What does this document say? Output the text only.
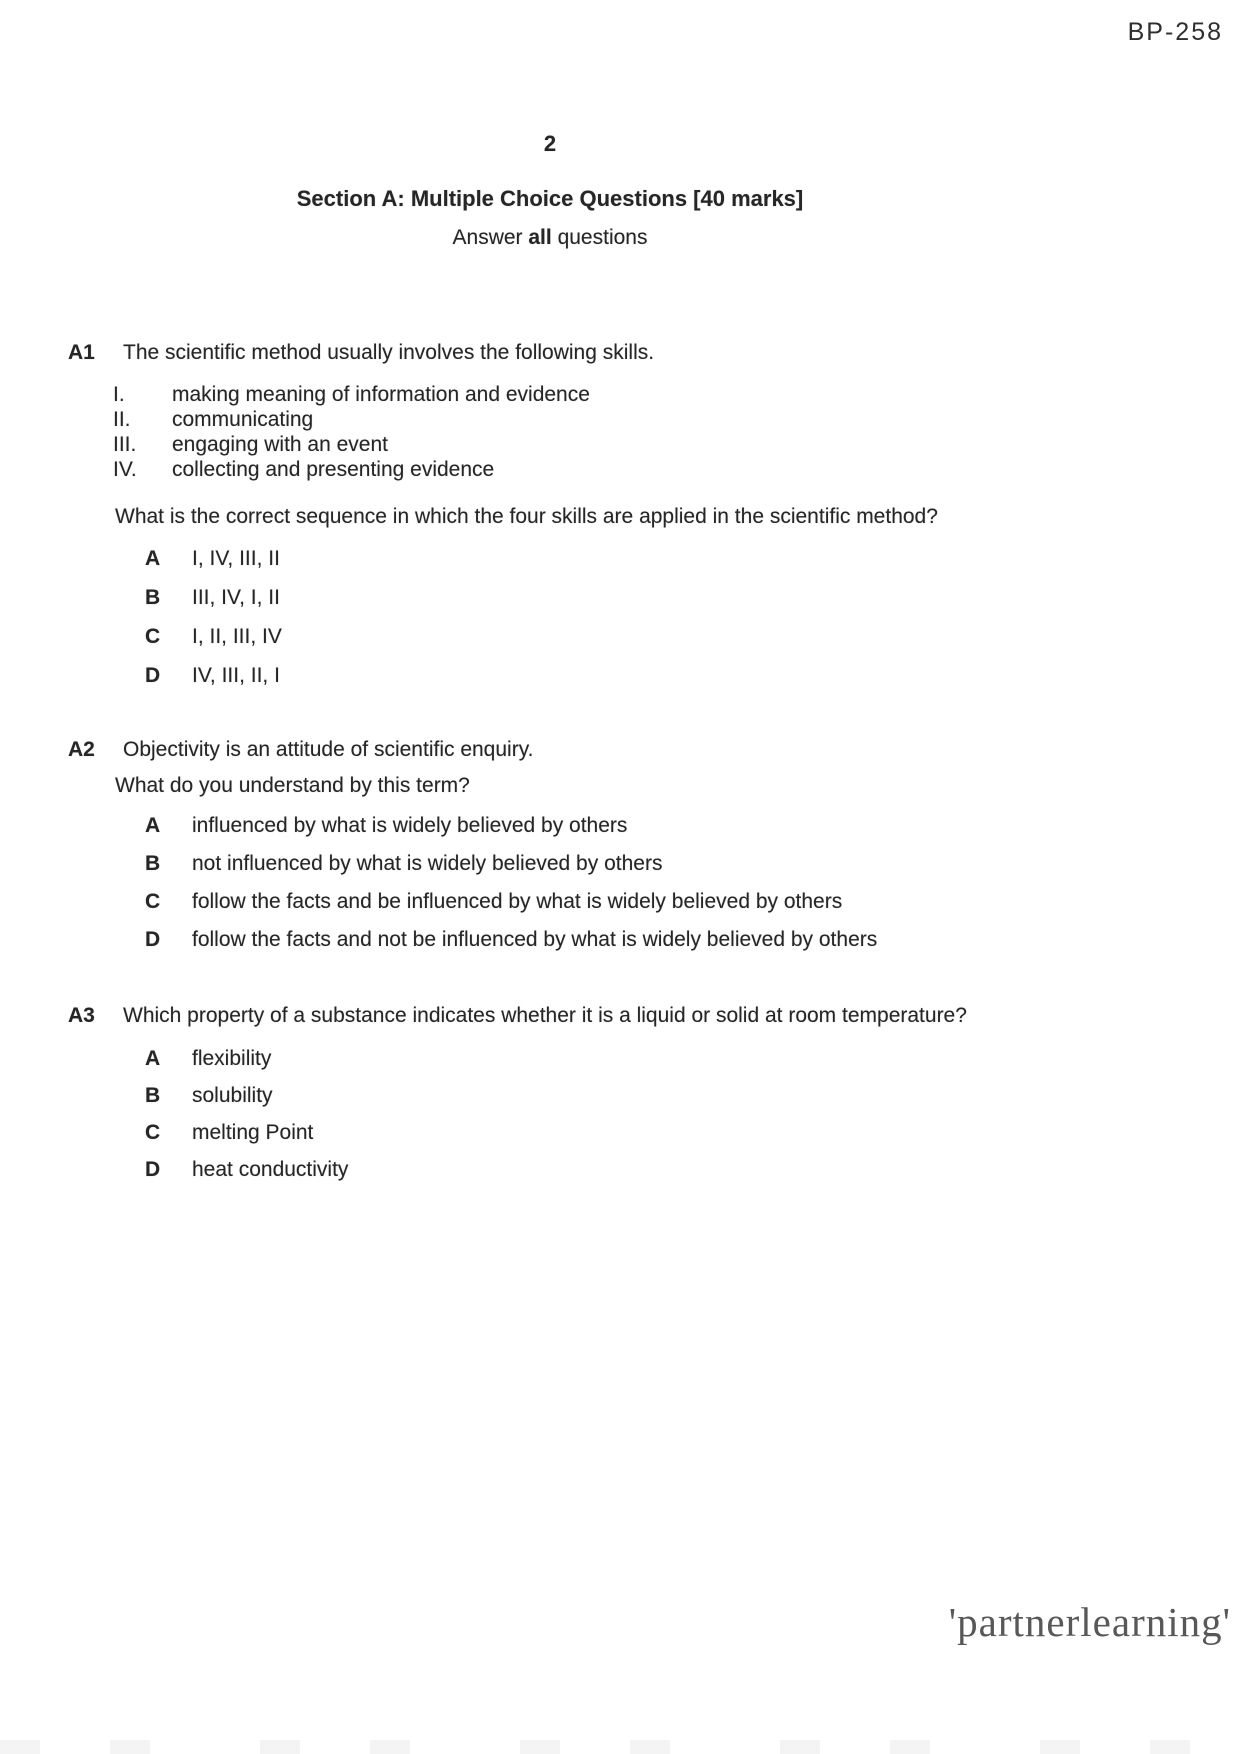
BP-258
2
Section A: Multiple Choice Questions [40 marks]
Answer all questions
A1	The scientific method usually involves the following skills.
I.	making meaning of information and evidence
II.	communicating
III.	engaging with an event
IV. collecting and presenting evidence
What is the correct sequence in which the four skills are applied in the scientific method?
A	I, IV, III, II
B	III, IV, I, II
C	I, II, III, IV
D	IV, III, II, I
A2	Objectivity is an attitude of scientific enquiry.
What do you understand by this term?
A	influenced by what is widely believed by others
B	not influenced by what is widely believed by others
C	follow the facts and be influenced by what is widely believed by others
D	follow the facts and not be influenced by what is widely believed by others
A3	Which property of a substance indicates whether it is a liquid or solid at room temperature?
A	flexibility
B	solubility
C	melting Point
D	heat conductivity
'partnerlearning'
